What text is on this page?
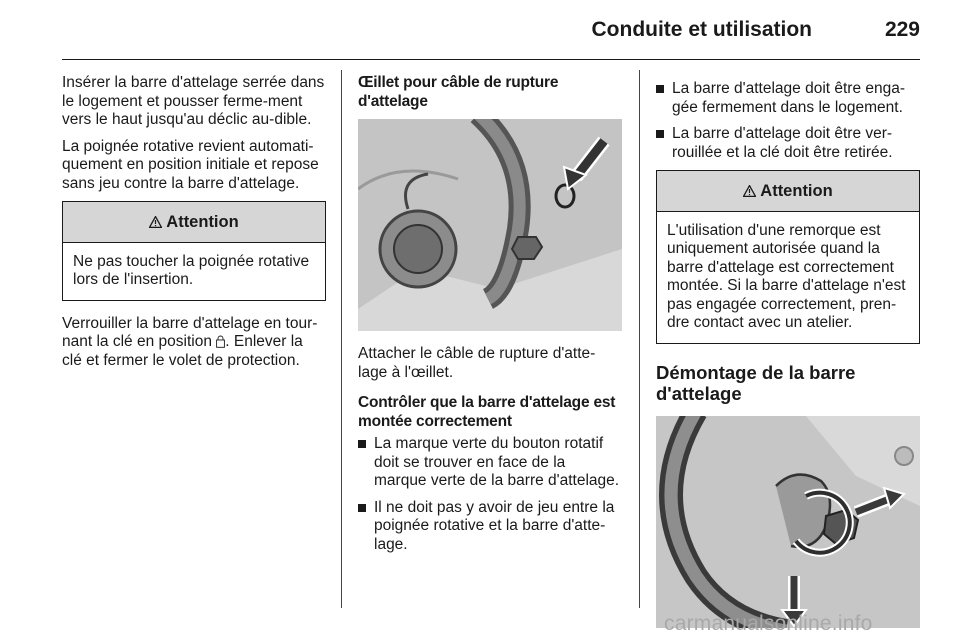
Conduite et utilisation	229

Insérer la barre d'attelage serrée dans le logement et pousser ferme-ment vers le haut jusqu'au déclic au-dible.

La poignée rotative revient automati-quement en position initiale et repose sans jeu contre la barre d'attelage.

Attention
Ne pas toucher la poignée rotative lors de l'insertion.

Verrouiller la barre d'attelage en tour-nant la clé en position . Enlever la clé et fermer le volet de protection.

Œillet pour câble de rupture d'attelage

Attacher le câble de rupture d'atte-lage à l'œillet.

Contrôler que la barre d'attelage est montée correctement
La marque verte du bouton rotatif doit se trouver en face de la marque verte de la barre d'attelage.
Il ne doit pas y avoir de jeu entre la poignée rotative et la barre d'atte-lage.
La barre d'attelage doit être enga-gée fermement dans le logement.
La barre d'attelage doit être ver-rouillée et la clé doit être retirée.
Attention
L'utilisation d'une remorque est uniquement autorisée quand la barre d'attelage est correctement montée. Si la barre d'attelage n'est pas engagée correctement, pren-dre contact avec un atelier.
Démontage de la barre d'attelage
carmanualsonline.info
